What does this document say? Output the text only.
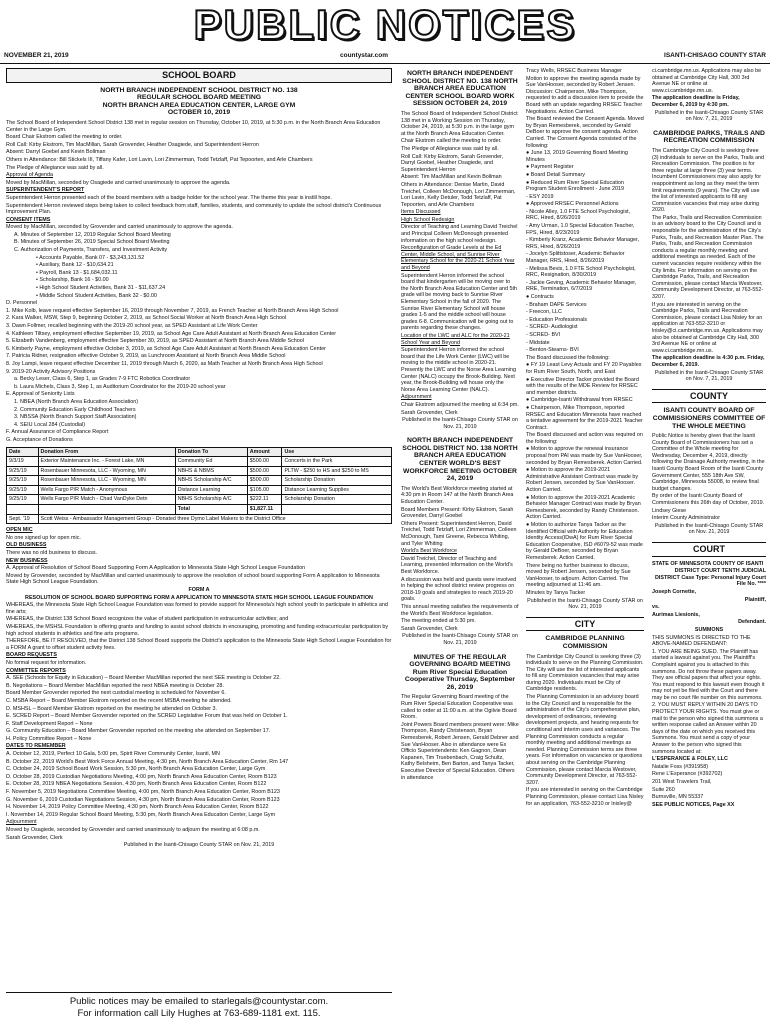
PUBLIC NOTICES
NOVEMBER 21, 2019	countystar.com	ISANTI-CHISAGO COUNTY STAR
SCHOOL BOARD
NORTH BRANCH INDEPENDENT SCHOOL DISTRICT NO. 138
REGULAR SCHOOL BOARD MEETING
NORTH BRANCH AREA EDUCATION CENTER, LARGE GYM
OCTOBER 10, 2019

The School Board of Independent School District 138 met in regular session on Thursday, October 10, 2019, at 5:30 p.m. in the North Branch Area Education Center in the Large Gym.

Board Chair Ekstrom called the meeting to order.

Roll Call: Kirby Ekstrom, Tim MacMillan, Sarah Grovender, Heather Osagiede, and Superintendent Herron

Absent: Darryl Goebel and Kevin Bollman

Others in Attendance: Bill Stickels III, Tiffany Kafer, Lori Lavin, Lori Zimmerman, Todd Tetzlaff, Pat Tepoorten, and Arle Chambers

The Pledge of Allegiance was said by all.

Approval of Agenda

Moved by MacMillan, seconded by Osagiede and carried unanimously to approve the agenda.

SUPERINTENDENT'S REPORT

Superintendent Herron presented each of the board members with a badge holder for the school year. The theme this year is instill hope.

Superintendent Herron reviewed steps being taken to collect feedback from staff, families, students, and community to update the school district's Continuous Improvement Plan.

CONSENT ITEMS

Moved by MacMillan, seconded by Grovender and carried unanimously to approve the agenda.

A. Minutes of September 12, 2019 Regular School Board Meeting

B. Minutes of September 26, 2019 Special School Board Meeting

C. Authorization of Payments, Transfers, and Investment Activity

• Accounts Payable, Bank 07 - $3,243,131.52

• Auxiliary, Bank 12 - $10,634.21

• Payroll, Bank 13 - $1,684,032.11

• Scholarship, Bank 16 - $0.00

• High School Student Activities, Bank 31 - $11,637.24

• Middle School Student Activities, Bank 32 - $0.00

D. Personnel

1. Mike Kolb, leave request effective September 16, 2019 through November 7, 2019, as French Teacher at North Branch Area High School

2. Kara Walker, MSW, Step 9, beginning October 2, 2019, as School Social Worker at North Branch Area High School

3. Dawn Follmer, recalled beginning with the 2019-20 school year, as SPED Assistant at Life Work Center

4. Kathleen Tiltsey, employment effective September 19, 2019, as School Age Care Adult Assistant at North Branch Area Education Center

5. Elizabeth Vandenberg, employment effective September 30, 2019, as SPED Assistant at North Branch Area Middle School

6. Kimberly Payne, employment effective October 3, 2019, as School Age Care Adult Assistant at North Branch Area Education Center

7. Patricia Ridner, resignation effective October 9, 2019, as Lunchroom Assistant at North Branch Area Middle School

8. Joy Lampi, leave request effective December 11, 2019 through March 6, 2020, as Math Teacher at North Branch Area High School

9. 2019-20 Activity Advisory Positions

a. Becky Leser, Class 6, Step 1, as Grades 7-9 FTC Robotics Coordinator

b. Laura Michels, Class 3, Step 1, as Auditorium Coordinator for the 2019-20 school year

E. Approval of Seniority Lists

1. NBEA (North Branch Area Education Association)

2. Community Education Early Childhood Teachers

3. NBSSA (North Branch Support Staff Association)

4. SEIU Local 284 (Custodial)

F. Annual Assurance of Compliance Report

G. Acceptance of Donations

Date	Donation From	Donation To	Amount	Use
9/3/19	Exterior Maintenance Inc. - Forest Lake, MN	Community Ed	$500.00	Concerts in the Park
9/25/19	Rosenbauer Minnesota, LLC - Wyoming, MN	NBHS & NBMS	$500.00	PLTW - $250 to HS and $250 to MS
9/25/19	Rosenbauer Minnesota, LLC - Wyoming, MN	NBHS Scholarship A/C	$500.00	Scholarship Donation
9/25/19	Wells Fargo P/R Match - Anonymous	Distance Learning	$105.00	Distance Learning Supplies
9/25/19	Wells Fargo P/R Match - Chad VanDyke Detn	NBHS Scholarship A/C	$222.11	Scholarship Donation
		Total	$1,827.11	
Sept. '19	Scott Weiss - Ambassador Management Group - Donated three Dymo Label Makers to the District Office			

OPEN MIC

No one signed up for open mic.

OLD BUSINESS

There was no old business to discuss.

NEW BUSINESS

A. Approval of Resolution of School Board Supporting Form A Application to Minnesota State High School League Foundation

Moved by Grovender, seconded by MacMillan and carried unanimously to approve the resolution of school board supporting Form A application to Minnesota State High School League Foundation.

FORM A

RESOLUTION OF SCHOOL BOARD SUPPORTING FORM A APPLICATION TO MINNESOTA STATE HIGH SCHOOL LEAGUE FOUNDATION

WHEREAS, the Minnesota State High School League Foundation was formed to provide support for Minnesota's high school youth to participate in athletics and fine arts;

WHEREAS, the District 138 School Board recognizes the value of student participation in extracurricular activities; and

WHEREAS, the MSHSL Foundation is offering grants and funding to assist school districts in encouraging, promoting and funding extracurricular participation by high school students in athletics and fine arts programs.

THEREFORE, BE IT RESOLVED, that the District 138 School Board supports the District's application to the Minnesota State High School League Foundation for a FORM A grant to offset student activity fees.

BOARD REQUESTS

No formal request for information.

COMMITTEE REPORTS

A. SEE (Schools for Equity in Education) – Board Member MacMillan reported the next SEE meeting is October 22.

B. Negotiations – Board Member MacMillan reported the next NBEA meeting is October 28.

Board Member Grovender reported the next custodial meeting is scheduled for November 6.

C. MSBA Report – Board Member Ekstrom reported on the recent MSBA meeting he attended.

D. MSHSL – Board Member Ekstrom reported on the meeting he attended on October 3.

E. SCRED Report – Board Member Grovender reported on the SCRED Legislative Forum that was held on October 1.

F. Staff Development Report – None

G. Community Education – Board Member Grovender reported on the meeting she attended on September 17.

H. Policy Committee Report – None

DATES TO REMEMBER

A. October 12, 2019, Perfect 10 Gala, 5:00 pm, Spirit River Community Center, Isanti, MN

B. October 22, 2019 World's Best Work Force Annual Meeting, 4:30 pm, North Branch Area Education Center, Rm 147

C. October 24, 2019 School Board Work Session, 5:30 pm, North Branch Area Education Center, Large Gym

D. October 28, 2019 Custodian Negotiations Meeting, 4:00 pm, North Branch Area Education Center, Room B123

E. October 28, 2019 NBEA Negotiations Session, 4:30 pm, North Branch Area Education Center, Room B122

F. November 5, 2019 Negotiations Committee Meeting, 4:00 pm, North Branch Area Education Center, Room B123

G. November 6, 2019 Custodian Negotiations Session, 4:30 pm, North Branch Area Education Center, Room B123

H. November 14, 2019 Policy Committee Meeting, 4:30 pm, North Branch Area Education Center, Room B122

I. November 14, 2019 Regular School Board Meeting, 5:30 pm, North Branch Area Education Center, Large Gym

Adjournment

Moved by Osagiede, seconded by Grovender and carried unanimously to adjourn the meeting at 6:08 p.m.

Sarah Grovender, Clerk

Published in the Isanti-Chisago County STAR on Nov. 21, 2019

Public notices may be emailed to starlegals@countystar.com.
For information call Lily Hughes at 763-689-1181 ext. 115.
NORTH BRANCH INDEPENDENT SCHOOL DISTRICT NO. 138 NORTH BRANCH AREA EDUCATION CENTER SCHOOL BOARD WORK SESSION OCTOBER 24, 2019

The School Board of Independent School District 138 met in a Working Session on Thursday, October 24, 2019, at 5:30 p.m. in the large gym at the North Branch Area Education Center.

Chair Ekstrom called the meeting to order.

The Pledge of Allegiance was said by all.

Roll Call: Kirby Ekstrom, Sarah Grovender, Darryl Goebel, Heather Osagiede, and Superintendent Herron

Absent: Tim MacMillan and Kevin Bollman

Others in Attendance: Denise Martin, David Treichel, Colleen McDonough, Lori Zimmerman, Lori Lavin, Kelly Detuler, Todd Tetzlaff, Pat Tepoorten, and Arle Chambers

Items Discussed

High School Redesign

Director of Teaching and Learning David Treichel and Principal Colleen McDonough presented information on the high school redesign.

Reconfiguration of Grade Levels at the Ed Center, Middle School, and Sunrise River Elementary School for the 2020-21 School Year and Beyond

Superintendent Herron informed the school board that kindergarten will be moving over to the North Branch Area Education Center and 5th grade will be moving back to Sunrise River Elementary School in the fall of 2020. The Sunrise River Elementary School will house grades 1-5 and the middle school will house grades 6-8. Communication will be going out to parents regarding these changes.

Location of the LWC and ALC for the 2020-21 School Year and Beyond

Superintendent Herron informed the school board that the Life Work Center (LWC) will be moving to the middle school in 2020-21. Presently the LWC and the Norse Area Learning Center (NALC) occupy the Brook-Building. Next year, the Brook-Building will house only the Norse Area Learning Center (NALC).

Adjournment

Chair Ekstrom adjourned the meeting at 6:34 pm.

Sarah Grovender, Clerk

Published in the Isanti-Chisago County STAR on Nov. 21, 2019

NORTH BRANCH INDEPENDENT SCHOOL DISTRICT NO. 138 NORTH BRANCH AREA EDUCATION CENTER WORLD'S BEST WORKFORCE MEETING OCTOBER 24, 2019

The World's Best Workforce meeting started at 4:30 pm in Room 147 at the North Branch Area Education Center.

Board Members Present: Kirby Ekstrom, Sarah Grovender, Darryl Goebel

Others Present: Superintendent Herron, David Treichel, Todd Tetzlaff, Lori Zimmerman, Colleen McDonough, Tami Greene, Rebecca Whiting, and Tyler Whiting

World's Best Workforce

David Treichel, Director of Teaching and Learning, presented information on the World's Best Workforce.

A discussion was held and guests were involved in helping the school district review progress on 2018-19 goals and strategies to reach 2019-20 goals.

This annual meeting satisfies the requirements of the World's Best Workforce legislation.

The meeting ended at 5:30 pm.

Sarah Grovender, Clerk

Published in the Isanti-Chisago County STAR on Nov. 21, 2019

MINUTES OF THE REGULAR GOVERNING BOARD MEETING Rum River Special Education Cooperative Thursday, September 26, 2019

The Regular Governing Board meeting of the Rum River Special Education Cooperative was called to order at 11:00 a.m. at the Ogilvie Board Room.

Joint Powers Board members present were: Mike Thompson, Randy Christenson, Bryan Remesberek, Robert Jensen, Gerald Debner and Sue VanHooser. Also in attendance were Ex Officio Superintendents: Ken Gagnon, Dean Kapanen, Tim Truebenbach, Craig Schultz, Kathy Belsheim, Ben Barton, and Tanya Tacker, Executive Director of Special Education. Others in attendance

Tracy Wells, RRSEC Business Manager

Motion to approve the meeting agenda made by Sue VanHooser, seconded by Robert Jensen. Discussion: Chairperson, Mike Thompson, requested to add a discussion item to provide the Board with an update regarding RRSEC Teacher Negotiations. Action Carried.

The Board reviewed the Consent Agenda. Moved by Bryan Remesberek, seconded by Gerald DeBoer to approve the consent agenda. Action Carried. The Consent Agenda consisted of the following:

● June 13, 2019 Governing Board Meeting Minutes

● Payment Register

● Board Detail Summary

● Reduced Rum River Special Education Program Student Enrollment - June 2019

- ESY 2019

● Approved RRSEC Personnel Actions

- Nicole Alley, 1.0 FTE School Psychologist, RRC, Hired, 8/26/2019

- Amy Urman, 1.0 Special Education Teacher, FPS, Hired, 8/23/2019

- Kimberly Kranz, Academic Behavior Manager, RRS, Hired, 8/26/2019

- Jocelyn Splittstoser, Academic Behavior Manager, RRS, Hired, 8/26/2019

- Melissa Bevis, 1.0 FTE School Psychologist, RRC, Resignation, 8/30/2019

- Jackie Geving, Academic Behavior Manager, RRE, Termination, 6/7/2019

● Contracts

- Braham DAPE Services

- Freecon, LLC

- Education Professionals

- SCRED- Audiologist

- SCRED- BVI

- Midstate

- Benton-Stearns- BVI

The Board discussed the following:

● FY 19 Least Levy Actuals and FY 20 Payables for Rum River South, North, and East

● Executive Director Tacker provided the Board with the results of the MDE Review for RRSEC and member districts.

● Cambridge-Isanti Withdrawal from RRSEC

● Chairperson, Mike Thompson, reported RRSEC and Education Minnesota have reached a tentative agreement for the 2019-2021 Teacher Contract.

The Board discussed and action was required on the following:

● Motion to approve the renewal insurance proposal from PAI was made by Sue VanHooser, seconded by Bryan Remesberek. Action Carried.

● Motion to approve the 2019-2021 Administrative Assistant Contract was made by Robert Jensen, seconded by Sue VanHooser. Action Carried.

● Motion to approve the 2019-2021 Academic Behavior Manager Contract was made by Bryan Remesberek, seconded by Randy Christenson. Action Carried.

● Motion to authorize Tanya Tacker as the Identified Official with Authority for Education Identity Access(IDwA) for Rum River Special Education Cooperative, ISD #6079-52 was made by Gerald DeBoer, seconded by Bryan Remesberek. Action Carried.

There being no further business to discuss, moved by Robert Jensen, seconded by Sue VanHooser, to adjourn. Action Carried. The meeting adjourned at 11:46 am.

Minutes by Tanya Tacker

Published in the Isanti-Chisago County STAR on Nov. 21, 2019

CITY
CAMBRIDGE PLANNING COMMISSION

The Cambridge City Council is seeking three (3) individuals to serve on the Planning Commission. The City will use the list of interested applicants to fill any Commission vacancies that may arise during 2020. Individuals must be City of Cambridge residents.

The Planning Commission is an advisory board to the City Council and is responsible for the administration of the City's comprehensive plan, development of ordinances, reviewing development projects, and hearing requests for conditional and interim uses and variances. The Planning Commission conducts a regular monthly meeting and additional meetings as needed. Planning Commission terms are three years. For information on vacancies or questions about serving on the Cambridge Planning Commission, please contact Marcia Westover, Community Development Director, at 763-552-3207.

If you are interested in serving on the Cambridge Planning Commission, please contact Lisa Nisley for an application, 763-552-3210 or lnisley@

ci.cambridge.mn.us. Applications may also be obtained at Cambridge City Hall, 300 3rd Avenue NE or online at www.ci.cambridge.mn.us.

The application deadline is Friday, December 6, 2019 by 4:30 pm.

Published in the Isanti-Chisago County STAR on Nov. 7, 21, 2019

CAMBRIDGE PARKS, TRAILS AND RECREATION COMMISSION

The Cambridge City Council is seeking three (3) individuals to serve on the Parks, Trails and Recreation Commission. The position is for three regular at large three (3) year terms. Incumbent Commissioners may also apply for reappointment as long as they meet the term limit requirements (9 years). The City will use the list of interested applicants to fill any Commission vacancies that may arise during 2020.

The Parks, Trails and Recreation Commission is an advisory board to the City Council and is responsible for the administration of the City's Parks, Trails, and Recreation Master Plan. The Parks, Trails, and Recreation Commission conducts a regular monthly meeting and additional meetings as needed. Each of the current vacancies require residency within the City limits. For information on serving on the Cambridge Parks, Trails, and Recreation Commission, please contact Marcia Westover, Community Development Director, at 763-552-3207.

If you are interested in serving on the Cambridge Parks, Trails and Recreation Commission, please contact Lisa Nisley for an application at 763-552-3210 or lnisley@ci.cambridge.mn.us. Applications may also be obtained at Cambridge City Hall, 300 3rd Avenue NE or online at www.ci.cambridge.mn.us.

The application deadline is 4:30 p.m. Friday, December 6, 2019.

Published in the Isanti-Chisago County STAR on Nov. 7, 21, 2019

COUNTY
ISANTI COUNTY BOARD OF COMMISSIONERS COMMITTEE OF THE WHOLE MEETING

Public Notice is hereby given that the Isanti County Board of Commissioners has set a Committee of the Whole meeting for Wednesday, December 4, 2019, directly following the Drainage Authority meeting, in the Isanti County Board Room of the Isanti County Government Center, 555 18th Ave SW, Cambridge, Minnesota 55008, to review final budget changes.

By order of the Isanti County Board of Commissioners this 26th day of October, 2019.

Lindsey Giese

Interim County Administrator

Published in the Isanti-Chisago County STAR on Nov. 21, 2019

COURT

STATE OF MINNESOTA COUNTY OF ISANTI

DISTRICT COURT TENTH JUDICIAL DISTRICT Case Type: Personal Injury Court File No. ****

Joseph Cornette,

Plaintiff,

vs.

Aurimas Liesionis,

Defendant.

SUMMONS

THIS SUMMONS IS DIRECTED TO THE ABOVE-NAMED DEFENDANT:

1. YOU ARE BEING SUED. The Plaintiff has started a lawsuit against you. The Plaintiff's Complaint against you is attached to this summons. Do not throw these papers away. They are official papers that affect your rights. You must respond to this lawsuit even though it may not yet be filed with the Court and there may be no court file number on this summons.

2. YOU MUST REPLY WITHIN 20 DAYS TO PROTECT YOUR RIGHTS. You must give or mail to the person who signed this summons a written response called an Answer within 20 days of the date on which you received this Summons. You must send a copy of your Answer to the person who signed this summons located at:

L'ESPERANCE & FOLEY, LLC

Natalie Foss (#391958)

Rene L'Esperance (#392702)

201 West Travelers Trail,

Suite 260

Burnsville, MN 55337

SEE PUBLIC NOTICES, Page XX
